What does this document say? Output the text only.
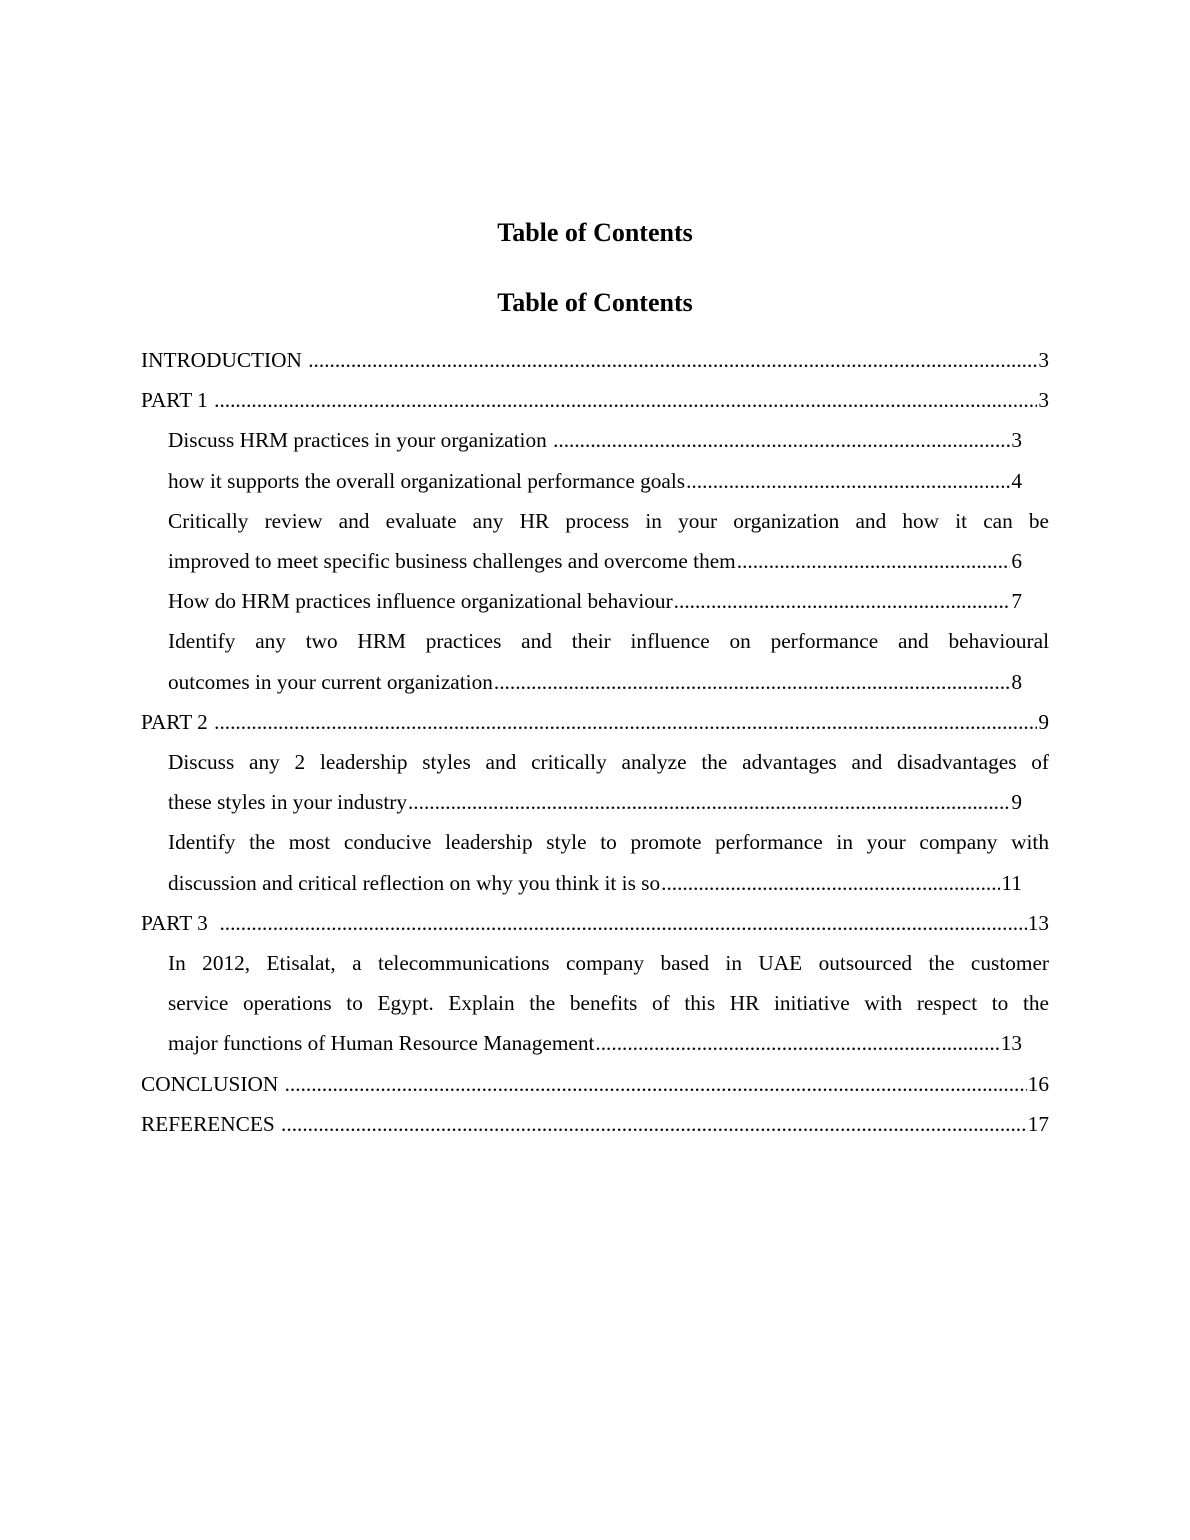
Table of Contents
Table of Contents
INTRODUCTION .....	3
PART 1 .....	3
Discuss HRM practices in your organization .....	3
how it supports the overall organizational performance goals .....	4
Critically review and evaluate any HR process in your organization and how it can be
improved to meet specific business challenges and overcome them .....	6
How do HRM practices influence organizational behaviour .....	7
Identify any two HRM practices and their influence on performance and behavioural
outcomes in your current organization .....	8
PART 2 .....	9
Discuss any 2 leadership styles and critically analyze the advantages and disadvantages of
these styles in your industry .....	9
Identify the most conducive leadership style to promote performance in your company with
discussion and critical reflection on why you think it is so .....	11
PART 3 .....	13
In 2012, Etisalat, a telecommunications company based in UAE outsourced the customer
service operations to Egypt. Explain the benefits of this HR initiative with respect to the
major functions of Human Resource Management .....	13
CONCLUSION .....	16
REFERENCES .....	17
